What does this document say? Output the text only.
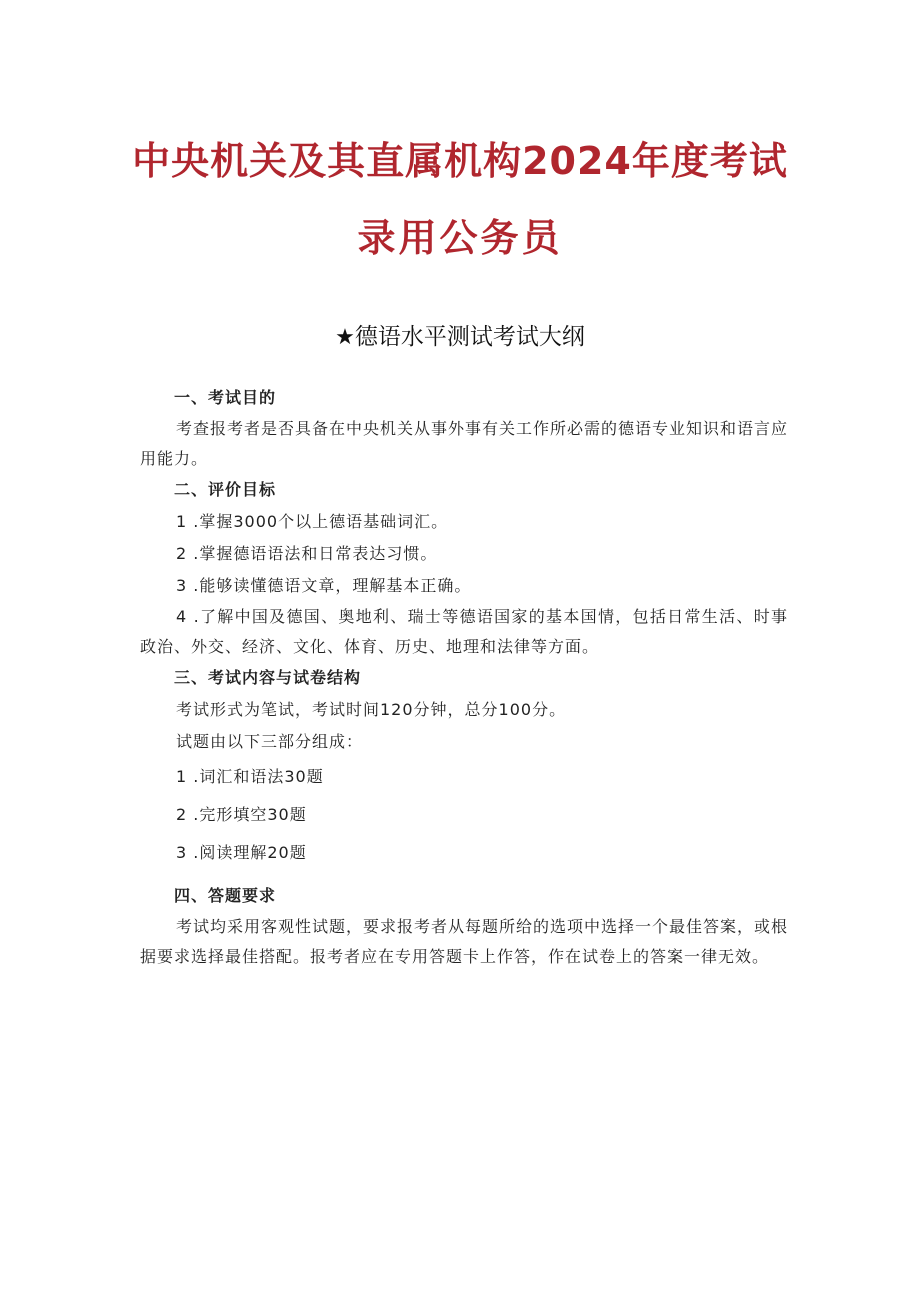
中央机关及其直属机构2024年度考试
录用公务员
★德语水平测试考试大纲
一、考试目的

考查报考者是否具备在中央机关从事外事有关工作所必需的德语专业知识和语言应用能力。

二、评价目标

1 .掌握3000个以上德语基础词汇。

2 .掌握德语语法和日常表达习惯。

3 .能够读懂德语文章，理解基本正确。

4 .了解中国及德国、奥地利、瑞士等德语国家的基本国情，包括日常生活、时事政治、外交、经济、文化、体育、历史、地理和法律等方面。

三、考试内容与试卷结构

考试形式为笔试，考试时间120分钟，总分100分。

试题由以下三部分组成：

1 .词汇和语法30题

2 .完形填空30题

3 .阅读理解20题

四、答题要求

考试均采用客观性试题，要求报考者从每题所给的选项中选择一个最佳答案，或根据要求选择最佳搭配。报考者应在专用答题卡上作答，作在试卷上的答案一律无效。
